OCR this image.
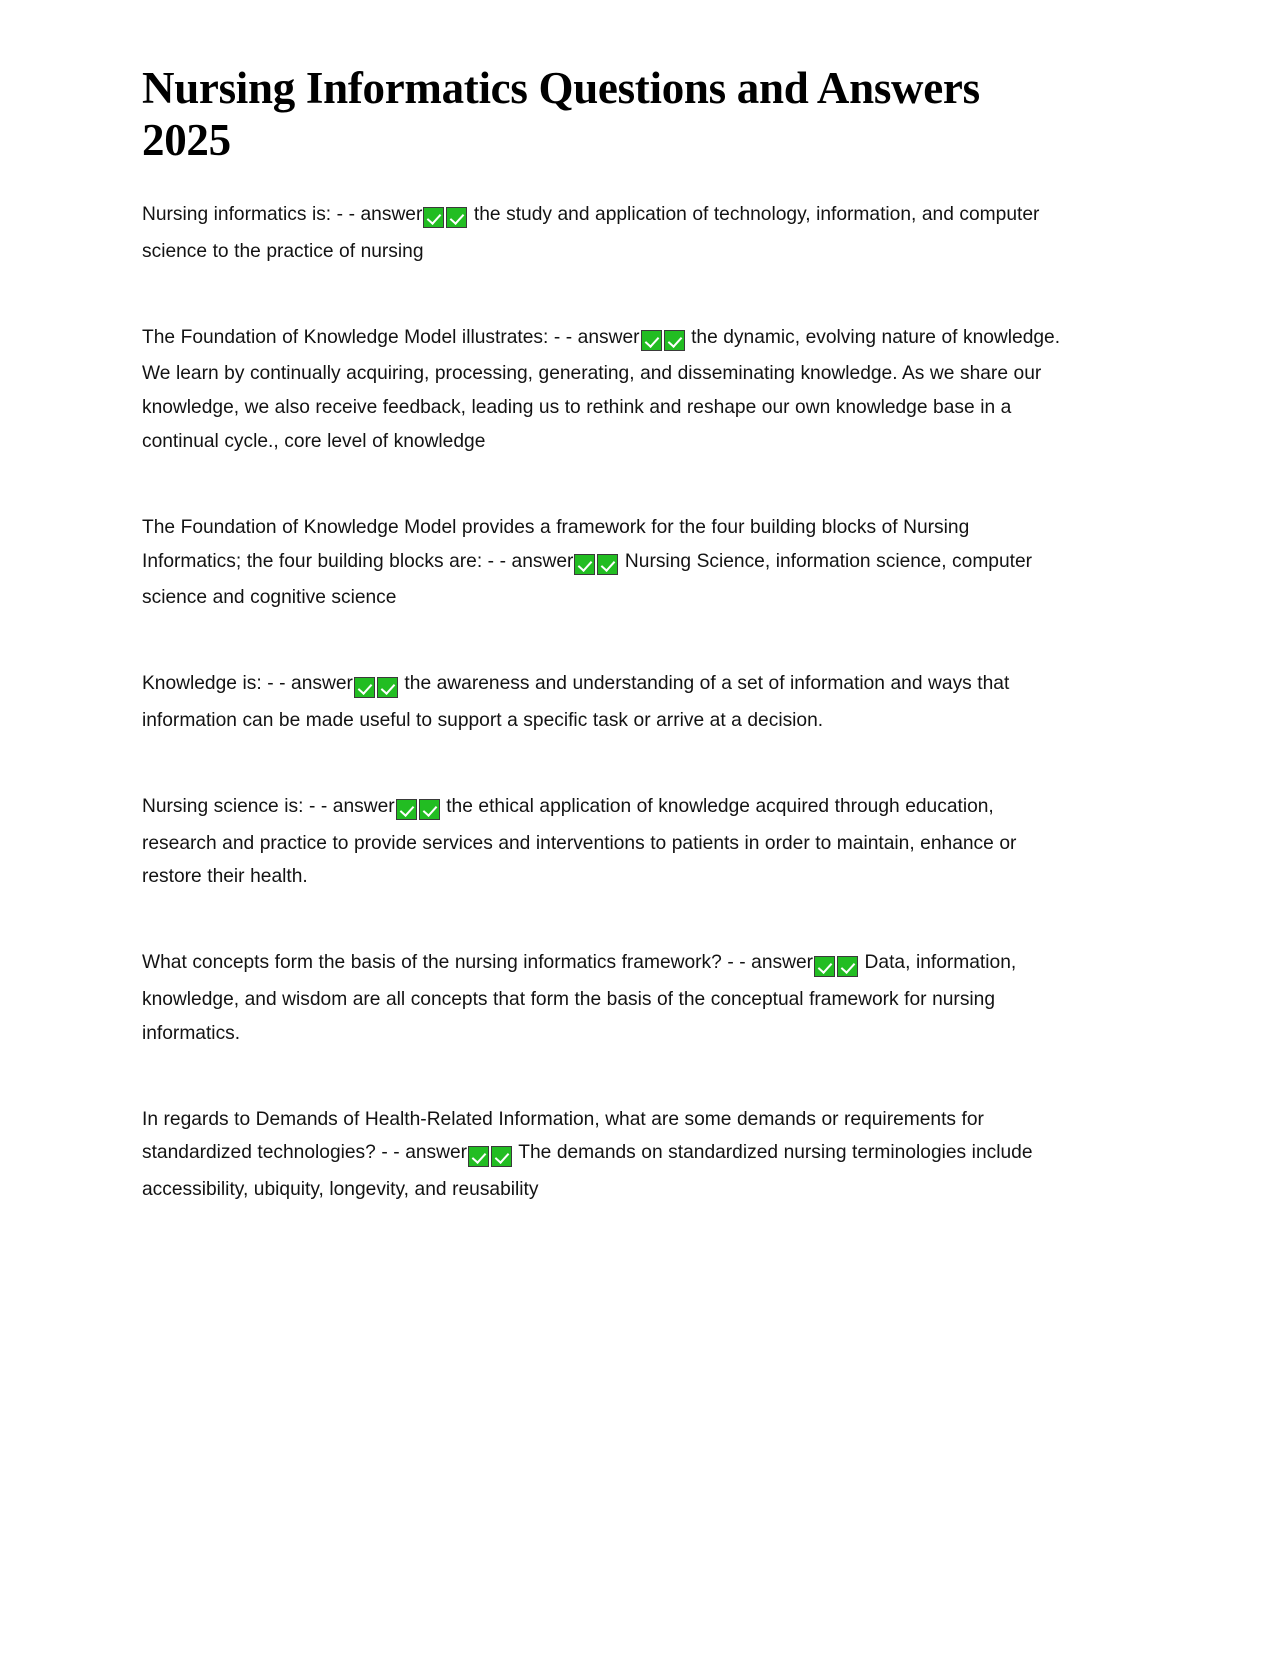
Nursing Informatics Questions and Answers 2025

Nursing informatics is: - - answer the study and application of technology, information, and computer science to the practice of nursing

The Foundation of Knowledge Model illustrates: - - answer the dynamic, evolving nature of knowledge. We learn by continually acquiring, processing, generating, and disseminating knowledge. As we share our knowledge, we also receive feedback, leading us to rethink and reshape our own knowledge base in a continual cycle., core level of knowledge

The Foundation of Knowledge Model provides a framework for the four building blocks of Nursing Informatics; the four building blocks are: - - answer Nursing Science, information science, computer science and cognitive science

Knowledge is: - - answer the awareness and understanding of a set of information and ways that information can be made useful to support a specific task or arrive at a decision.

Nursing science is: - - answer the ethical application of knowledge acquired through education, research and practice to provide services and interventions to patients in order to maintain, enhance or restore their health.

What concepts form the basis of the nursing informatics framework? - - answer Data, information, knowledge, and wisdom are all concepts that form the basis of the conceptual framework for nursing informatics.

In regards to Demands of Health-Related Information, what are some demands or requirements for standardized technologies? - - answer The demands on standardized nursing terminologies include accessibility, ubiquity, longevity, and reusability
